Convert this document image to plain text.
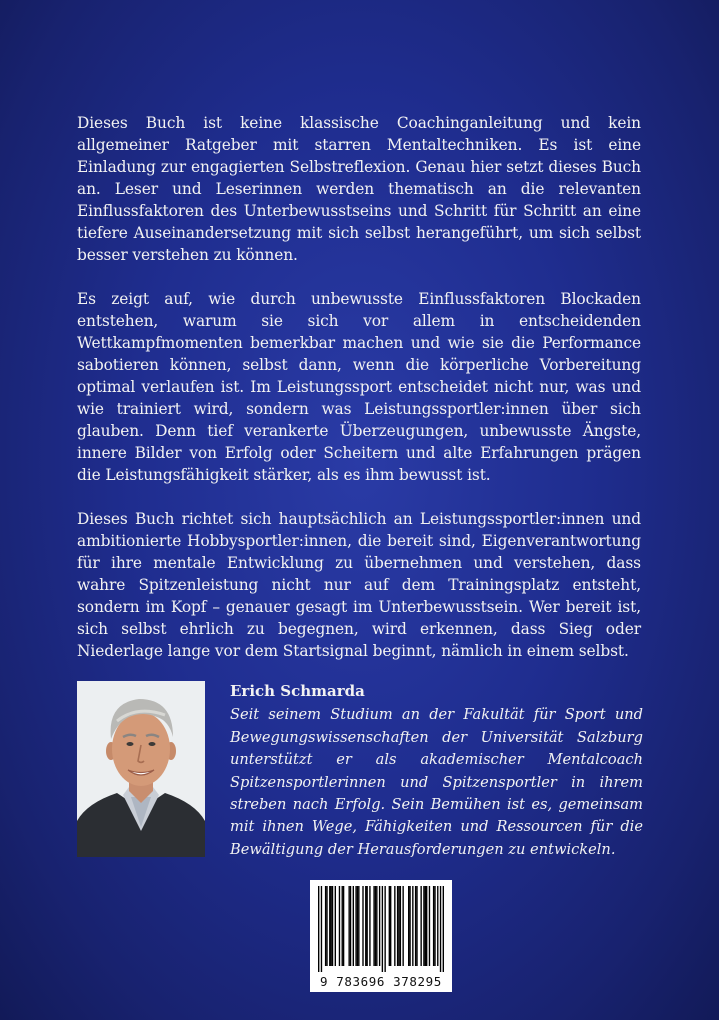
Dieses Buch ist keine klassische Coachinganleitung und kein allgemeiner Ratgeber mit starren Mentaltechniken. Es ist eine Einladung zur engagierten Selbstreflexion. Genau hier setzt dieses Buch an. Leser und Leserinnen werden thematisch an die relevanten Einflussfaktoren des Unterbewusstseins und Schritt für Schritt an eine tiefere Auseinandersetzung mit sich selbst herangeführt, um sich selbst besser verstehen zu können.

Es zeigt auf, wie durch unbewusste Einflussfaktoren Blockaden entstehen, warum sie sich vor allem in entscheidenden Wettkampfmomenten bemerkbar machen und wie sie die Performance sabotieren können, selbst dann, wenn die körperliche Vorbereitung optimal verlaufen ist. Im Leistungssport entscheidet nicht nur, was und wie trainiert wird, sondern was Leistungssportler:innen über sich glauben. Denn tief verankerte Überzeugungen, unbewusste Ängste, innere Bilder von Erfolg oder Scheitern und alte Erfahrungen prägen die Leistungsfähigkeit stärker, als es ihm bewusst ist.

Dieses Buch richtet sich hauptsächlich an Leistungssportler:innen und ambitionierte Hobbysportler:innen, die bereit sind, Eigenverantwortung für ihre mentale Entwicklung zu übernehmen und verstehen, dass wahre Spitzenleistung nicht nur auf dem Trainingsplatz entsteht, sondern im Kopf – genauer gesagt im Unterbewusstsein. Wer bereit ist, sich selbst ehrlich zu begegnen, wird erkennen, dass Sieg oder Niederlage lange vor dem Startsignal beginnt, nämlich in einem selbst.

Erich Schmarda

Seit seinem Studium an der Fakultät für Sport und Bewegungswissenschaften der Universität Salzburg unterstützt er als akademischer Mentalcoach Spitzensportlerinnen und Spitzensportler in ihrem streben nach Erfolg. Sein Bemühen ist es, gemeinsam mit ihnen Wege, Fähigkeiten und Ressourcen für die Bewältigung der Herausforderungen zu entwickeln.

9 783696 378295
